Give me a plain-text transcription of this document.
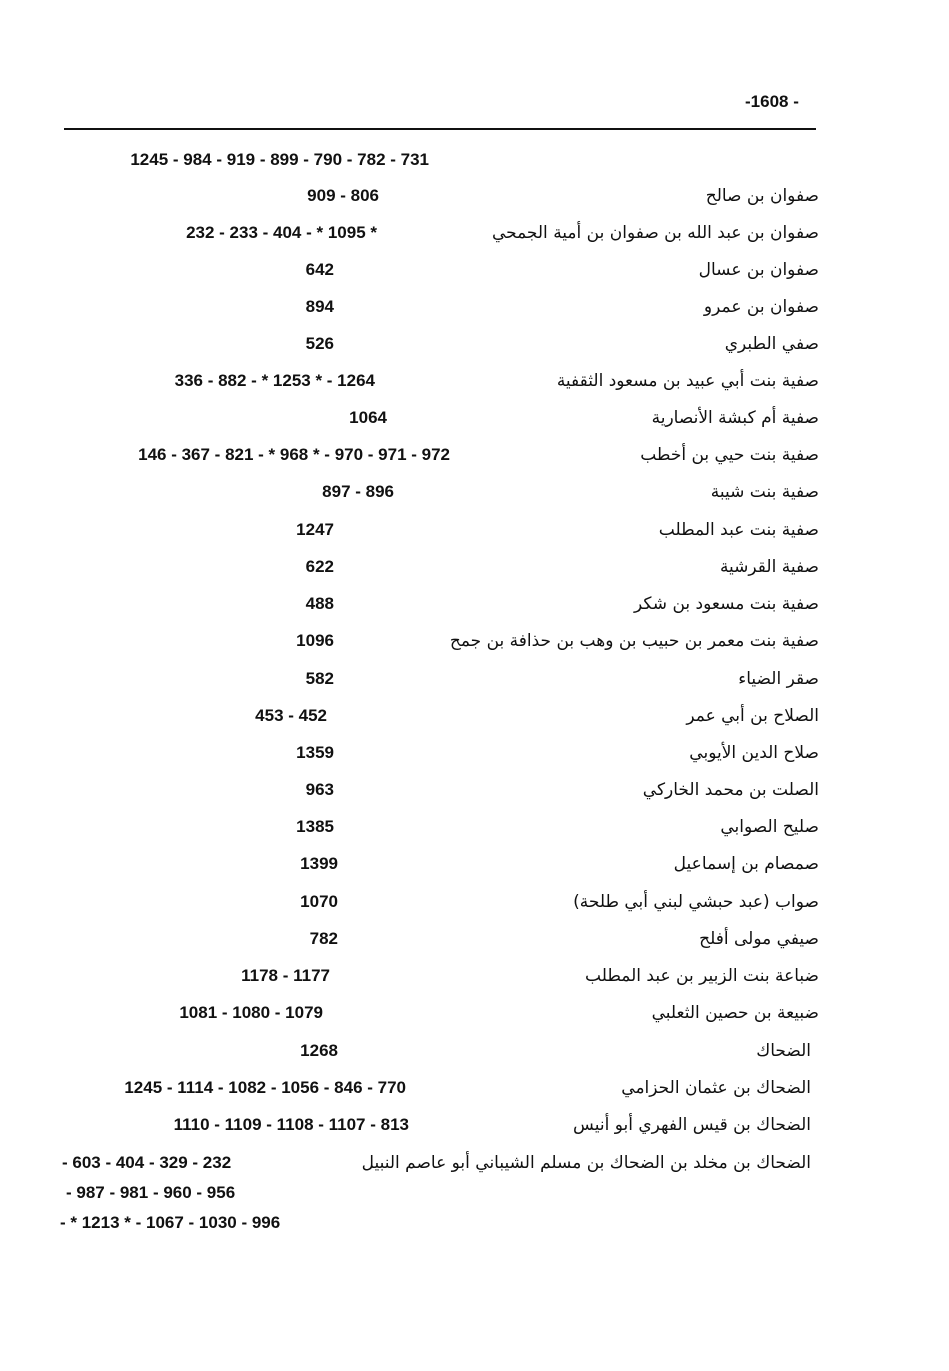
-1608 -
1245 - 984 - 919 - 899 - 790 - 782 - 731
صفوان بن صالح
909 - 806
صفوان بن عبد الله بن صفوان بن أمية الجمحي
232 - 233 - 404 - * 1095 *
صفوان بن عسال
642
صفوان بن عمرو
894
صفي الطبري
526
صفية بنت أبي عبيد بن مسعود الثقفية
336 - 882 - * 1253 * - 1264
صفية أم كبشة الأنصارية
1064
صفية بنت حيي بن أخطب
146 - 367 - 821 - * 968 * - 970 - 971 - 972
صفية بنت شيبة
897 - 896
صفية بنت عبد المطلب
1247
صفية القرشية
622
صفية بنت مسعود بن شكر
488
صفية بنت معمر بن حبيب بن وهب بن حذافة بن جمح
1096
صقر الضياء
582
الصلاح بن أبي عمر
453 - 452
صلاح الدين الأيوبي
1359
الصلت بن محمد الخاركي
963
صليح الصوابي
1385
صمصام بن إسماعيل
1399
صواب (عبد حبشي لبني أبي طلحة)
1070
صيفي مولى أفلح
782
ضباعة بنت الزبير بن عبد المطلب
1178 - 1177
ضبيعة بن حصين الثعلبي
1081 - 1080 - 1079
الضحاك
1268
الضحاك بن عثمان الحزامي
1245 - 1114 - 1082 - 1056 - 846 - 770
الضحاك بن قيس الفهري أبو أنيس
1110 - 1109 - 1108 - 1107 - 813
الضحاك بن مخلد بن الضحاك بن مسلم الشيباني أبو عاصم النبيل
- 603 - 404 - 329 - 232
- 987 - 981 - 960 - 956
- * 1213 * - 1067 - 1030 - 996
